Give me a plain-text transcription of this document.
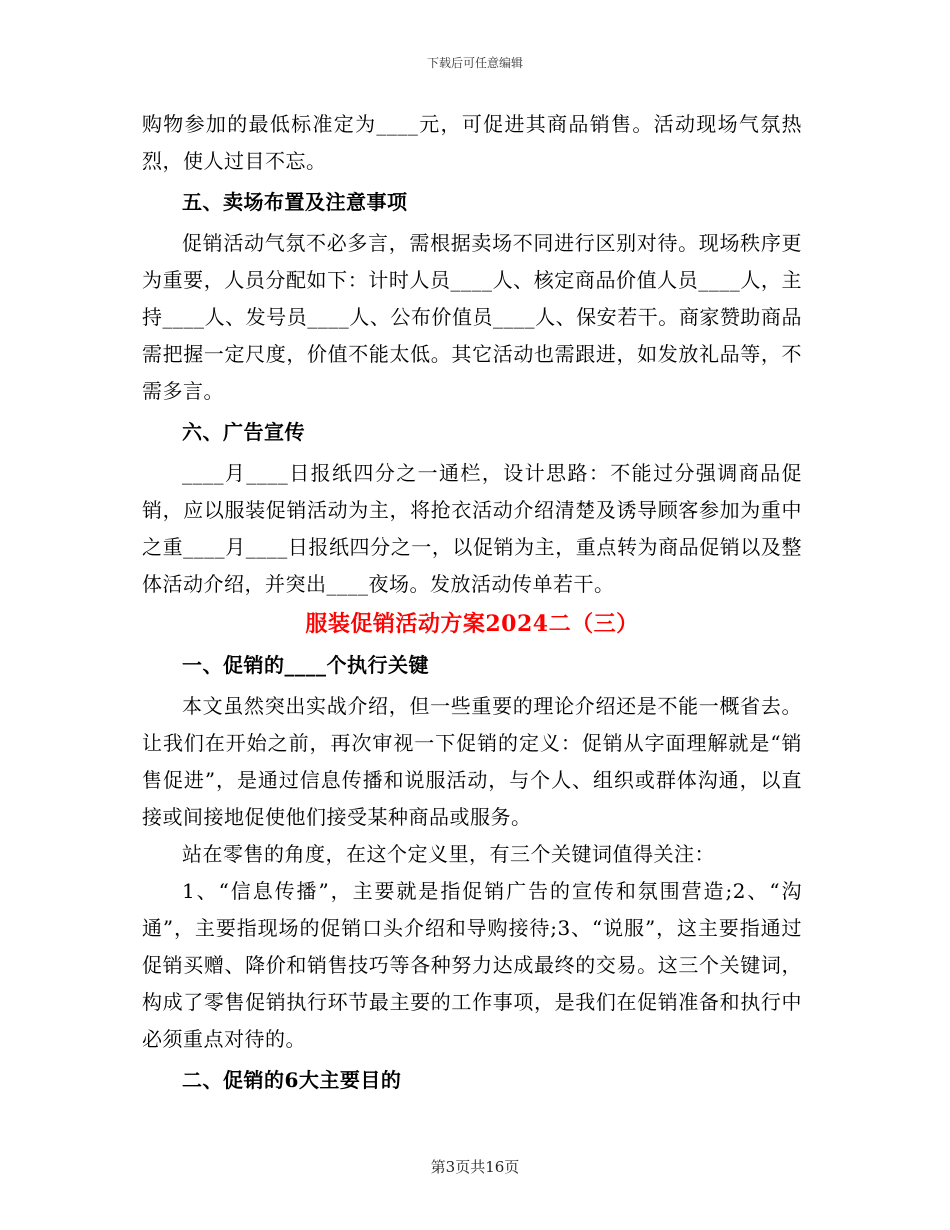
下载后可任意编辑

购物参加的最低标准定为____元，可促进其商品销售。活动现场气氛热烈，使人过目不忘。

五、卖场布置及注意事项

促销活动气氛不必多言，需根据卖场不同进行区别对待。现场秩序更为重要，人员分配如下：计时人员____人、核定商品价值人员____人，主持____人、发号员____人、公布价值员____人、保安若干。商家赞助商品需把握一定尺度，价值不能太低。其它活动也需跟进，如发放礼品等，不需多言。

六、广告宣传

____月____日报纸四分之一通栏，设计思路：不能过分强调商品促销，应以服装促销活动为主，将抢衣活动介绍清楚及诱导顾客参加为重中之重____月____日报纸四分之一，以促销为主，重点转为商品促销以及整体活动介绍，并突出____夜场。发放活动传单若干。

服装促销活动方案2024二（三）

一、促销的____个执行关键

本文虽然突出实战介绍，但一些重要的理论介绍还是不能一概省去。让我们在开始之前，再次审视一下促销的定义：促销从字面理解就是“销售促进”，是通过信息传播和说服活动，与个人、组织或群体沟通，以直接或间接地促使他们接受某种商品或服务。

站在零售的角度，在这个定义里，有三个关键词值得关注：

1、“信息传播”，主要就是指促销广告的宣传和氛围营造;2、“沟通”，主要指现场的促销口头介绍和导购接待;3、“说服”，这主要指通过促销买赠、降价和销售技巧等各种努力达成最终的交易。这三个关键词，构成了零售促销执行环节最主要的工作事项，是我们在促销准备和执行中必须重点对待的。

二、促销的6大主要目的

第3页共16页
